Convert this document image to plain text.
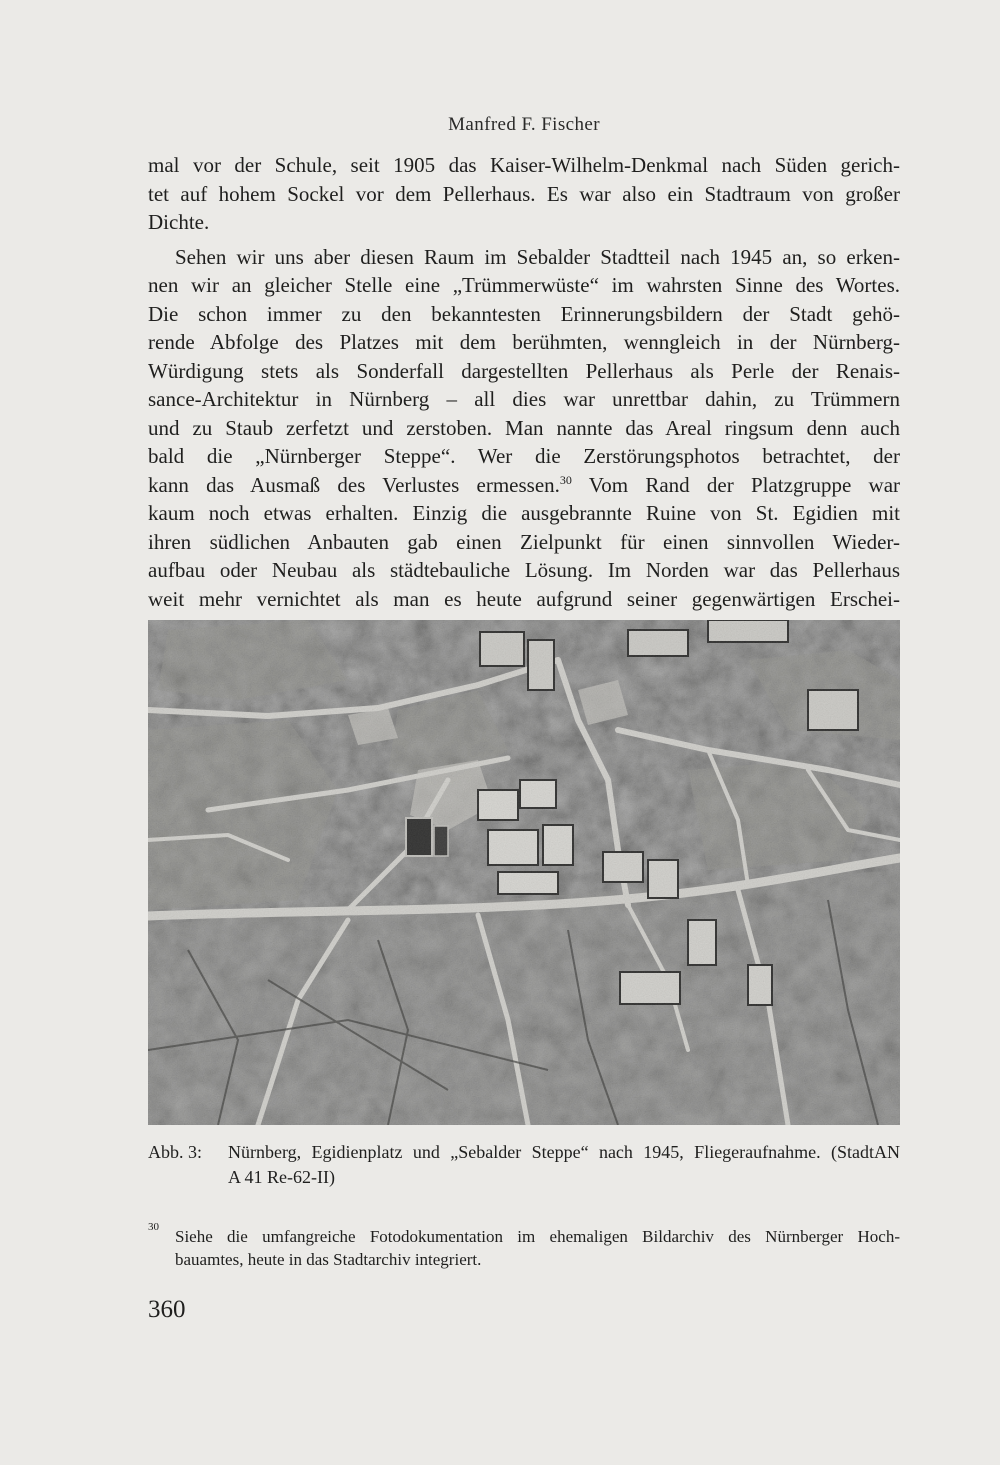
Manfred F. Fischer
mal vor der Schule, seit 1905 das Kaiser-Wilhelm-Denkmal nach Süden gerich-
tet auf hohem Sockel vor dem Pellerhaus. Es war also ein Stadtraum von großer
Dichte.
Sehen wir uns aber diesen Raum im Sebalder Stadtteil nach 1945 an, so erken-
nen wir an gleicher Stelle eine „Trümmerwüste“ im wahrsten Sinne des Wortes.
Die schon immer zu den bekanntesten Erinnerungsbildern der Stadt gehö-
rende Abfolge des Platzes mit dem berühmten, wenngleich in der Nürnberg-
Würdigung stets als Sonderfall dargestellten Pellerhaus als Perle der Renais-
sance-Architektur in Nürnberg – all dies war unrettbar dahin, zu Trümmern
und zu Staub zerfetzt und zerstoben. Man nannte das Areal ringsum denn auch
bald die „Nürnberger Steppe“. Wer die Zerstörungsphotos betrachtet, der
kann das Ausmaß des Verlustes ermessen.$^{30}$ Vom Rand der Platzgruppe war
kaum noch etwas erhalten. Einzig die ausgebrannte Ruine von St. Egidien mit
ihren südlichen Anbauten gab einen Zielpunkt für einen sinnvollen Wieder-
aufbau oder Neubau als städtebauliche Lösung. Im Norden war das Pellerhaus
weit mehr vernichtet als man es heute aufgrund seiner gegenwärtigen Erschei-
Abb. 3: Nürnberg, Egidienplatz und „Sebalder Steppe“ nach 1945, Fliegeraufnahme. (StadtAN
A 41 Re-62-II)
30 Siehe die umfangreiche Fotodokumentation im ehemaligen Bildarchiv des Nürnberger Hoch-
bauamtes, heute in das Stadtarchiv integriert.
360
